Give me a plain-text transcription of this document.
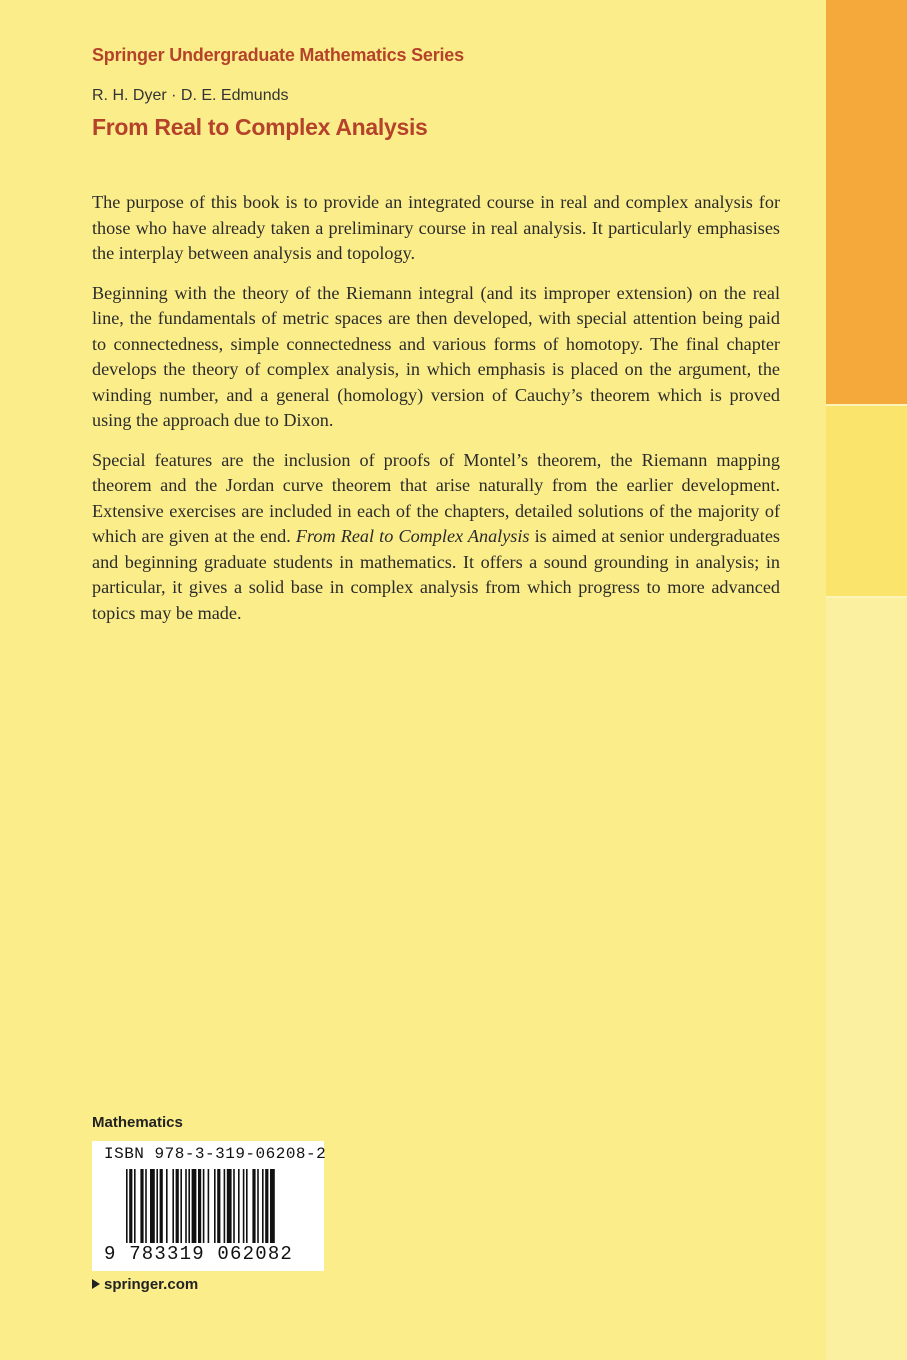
Springer Undergraduate Mathematics Series
R. H. Dyer · D. E. Edmunds
From Real to Complex Analysis

The purpose of this book is to provide an integrated course in real and complex analysis for those who have already taken a preliminary course in real analysis. It particularly emphasises the interplay between analysis and topology.

Beginning with the theory of the Riemann integral (and its improper extension) on the real line, the fundamentals of metric spaces are then developed, with special attention being paid to connectedness, simple connectedness and various forms of homotopy. The final chapter develops the theory of complex analysis, in which emphasis is placed on the argument, the winding number, and a general (homology) version of Cauchy’s theorem which is proved using the approach due to Dixon.

Special features are the inclusion of proofs of Montel’s theorem, the Riemann mapping theorem and the Jordan curve theorem that arise naturally from the earlier development. Extensive exercises are included in each of the chapters, detailed solutions of the majority of which are given at the end. From Real to Complex Analysis is aimed at senior undergraduates and beginning graduate students in mathematics. It offers a sound grounding in analysis; in particular, it gives a solid base in complex analysis from which progress to more advanced topics may be made.

Mathematics
ISBN 978-3-319-06208-2
9 783319 062082
springer.com
